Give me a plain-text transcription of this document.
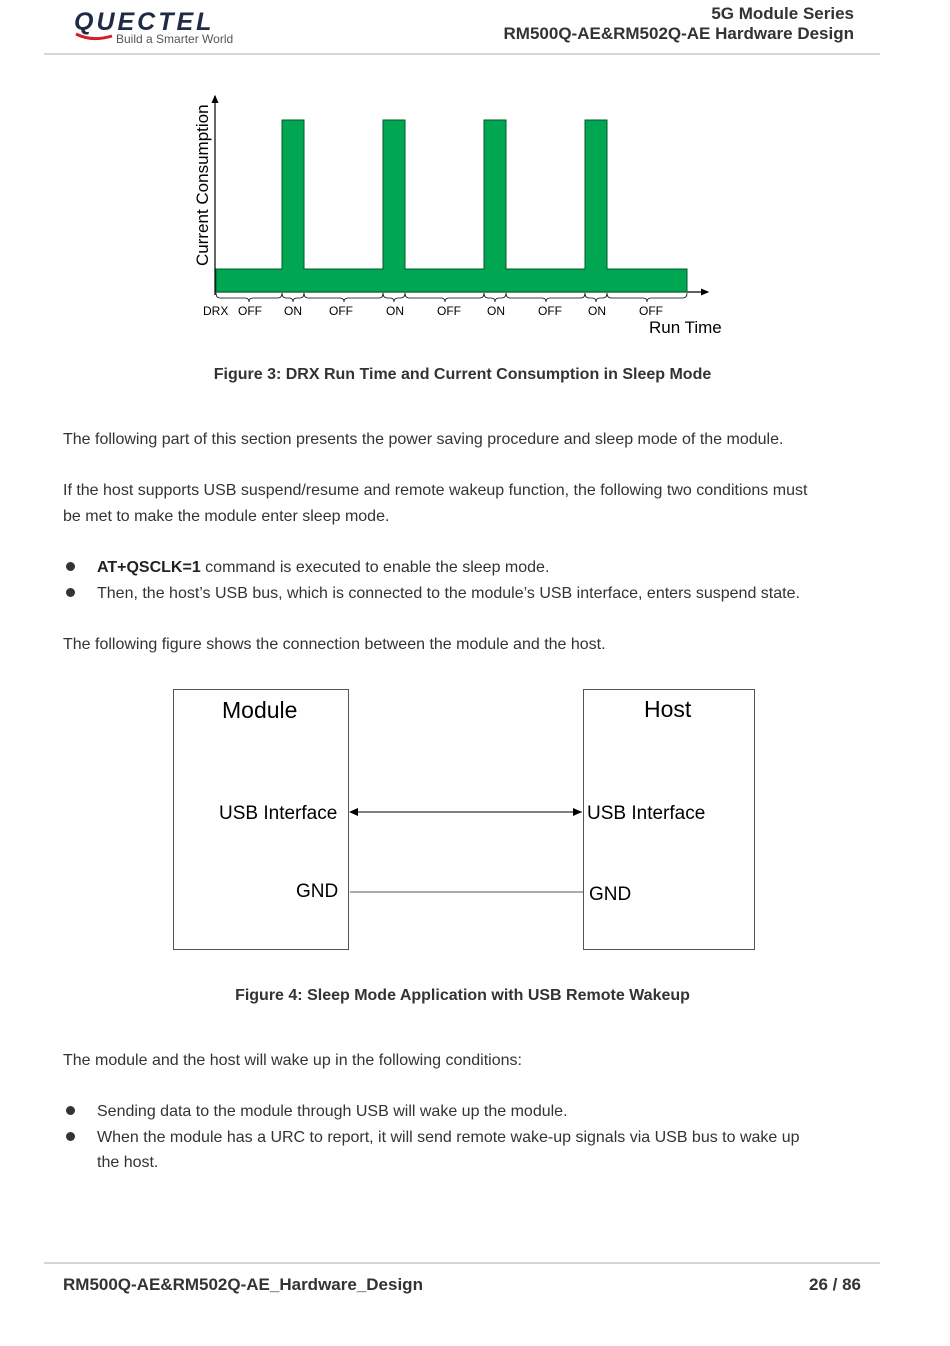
QUECTEL
Build a Smarter World
5G Module Series
RM500Q-AE&RM502Q-AE Hardware Design
Current Consumption
Run Time
DRX OFF ON OFF	ON	OFF ON	OFF ON	OFF
Figure 3: DRX Run Time and Current Consumption in Sleep Mode
The following part of this section presents the power saving procedure and sleep mode of the module.
If the host supports USB suspend/resume and remote wakeup function, the following two conditions must
be met to make the module enter sleep mode.
AT+QSCLK=1 command is executed to enable the sleep mode.
Then, the host’s USB bus, which is connected to the module’s USB interface, enters suspend state.
The following figure shows the connection between the module and the host.
Module	Host
USB Interface	USB Interface
GND	GND
Figure 4: Sleep Mode Application with USB Remote Wakeup
The module and the host will wake up in the following conditions:
Sending data to the module through USB will wake up the module.
When the module has a URC to report, it will send remote wake-up signals via USB bus to wake up
the host.
RM500Q-AE&RM502Q-AE_Hardware_Design	26 / 86
